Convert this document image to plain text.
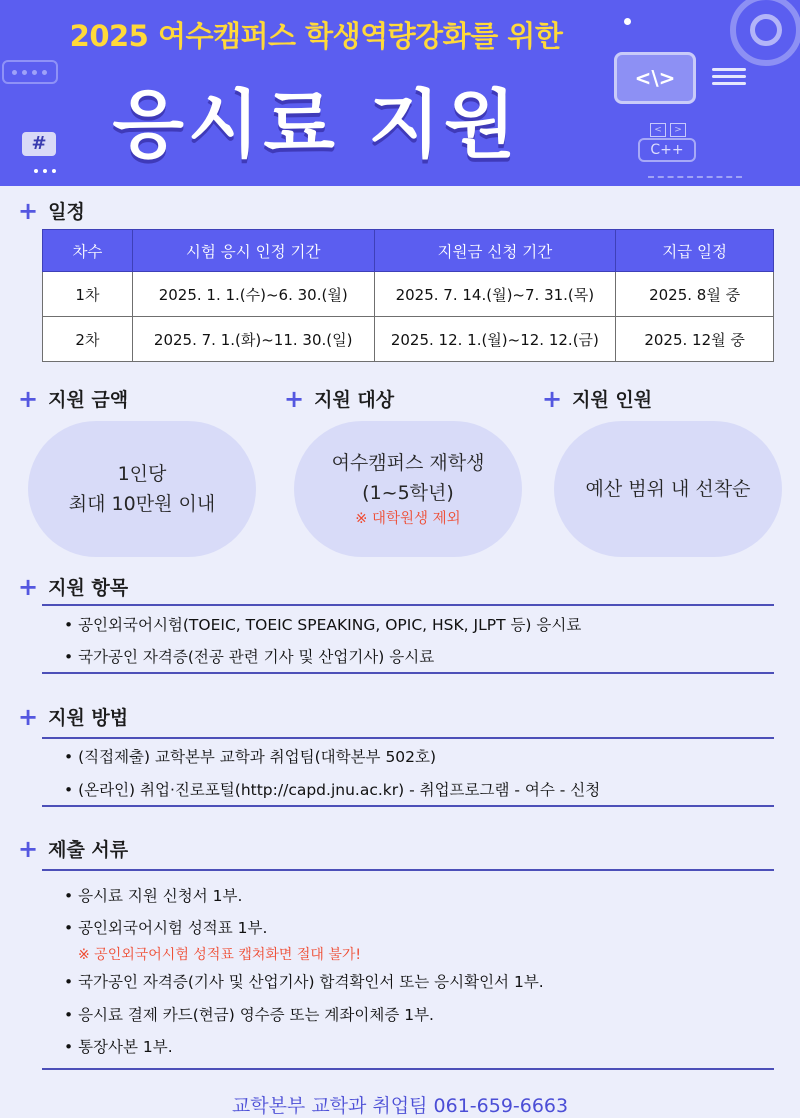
#
<\>
< >
C++
2025 여수캠퍼스 학생역량강화를 위한
응시료 지원
+ 일정
차수	시험 응시 인정 기간	지원금 신청 기간	지급 일정
1차	2025. 1. 1.(수)~6. 30.(월)	2025. 7. 14.(월)~7. 31.(목)	2025. 8월 중
2차	2025. 7. 1.(화)~11. 30.(일)	2025. 12. 1.(월)~12. 12.(금)	2025. 12월 중
+ 지원 금액	+ 지원 대상	+ 지원 인원
1인당
최대 10만원 이내
여수캠퍼스 재학생
(1~5학년)
※ 대학원생 제외
예산 범위 내 선착순
+ 지원 항목
• 공인외국어시험(TOEIC, TOEIC SPEAKING, OPIC, HSK, JLPT 등) 응시료
• 국가공인 자격증(전공 관련 기사 및 산업기사) 응시료
+ 지원 방법
• (직접제출) 교학본부 교학과 취업팀(대학본부 502호)
• (온라인) 취업·진로포털(http://capd.jnu.ac.kr) - 취업프로그램 - 여수 - 신청
+ 제출 서류
• 응시료 지원 신청서 1부.
• 공인외국어시험 성적표 1부.
※ 공인외국어시험 성적표 캡쳐화면 절대 불가!
• 국가공인 자격증(기사 및 산업기사) 합격확인서 또는 응시확인서 1부.
• 응시료 결제 카드(현금) 영수증 또는 계좌이체증 1부.
• 통장사본 1부.
교학본부 교학과 취업팀 061-659-6663
